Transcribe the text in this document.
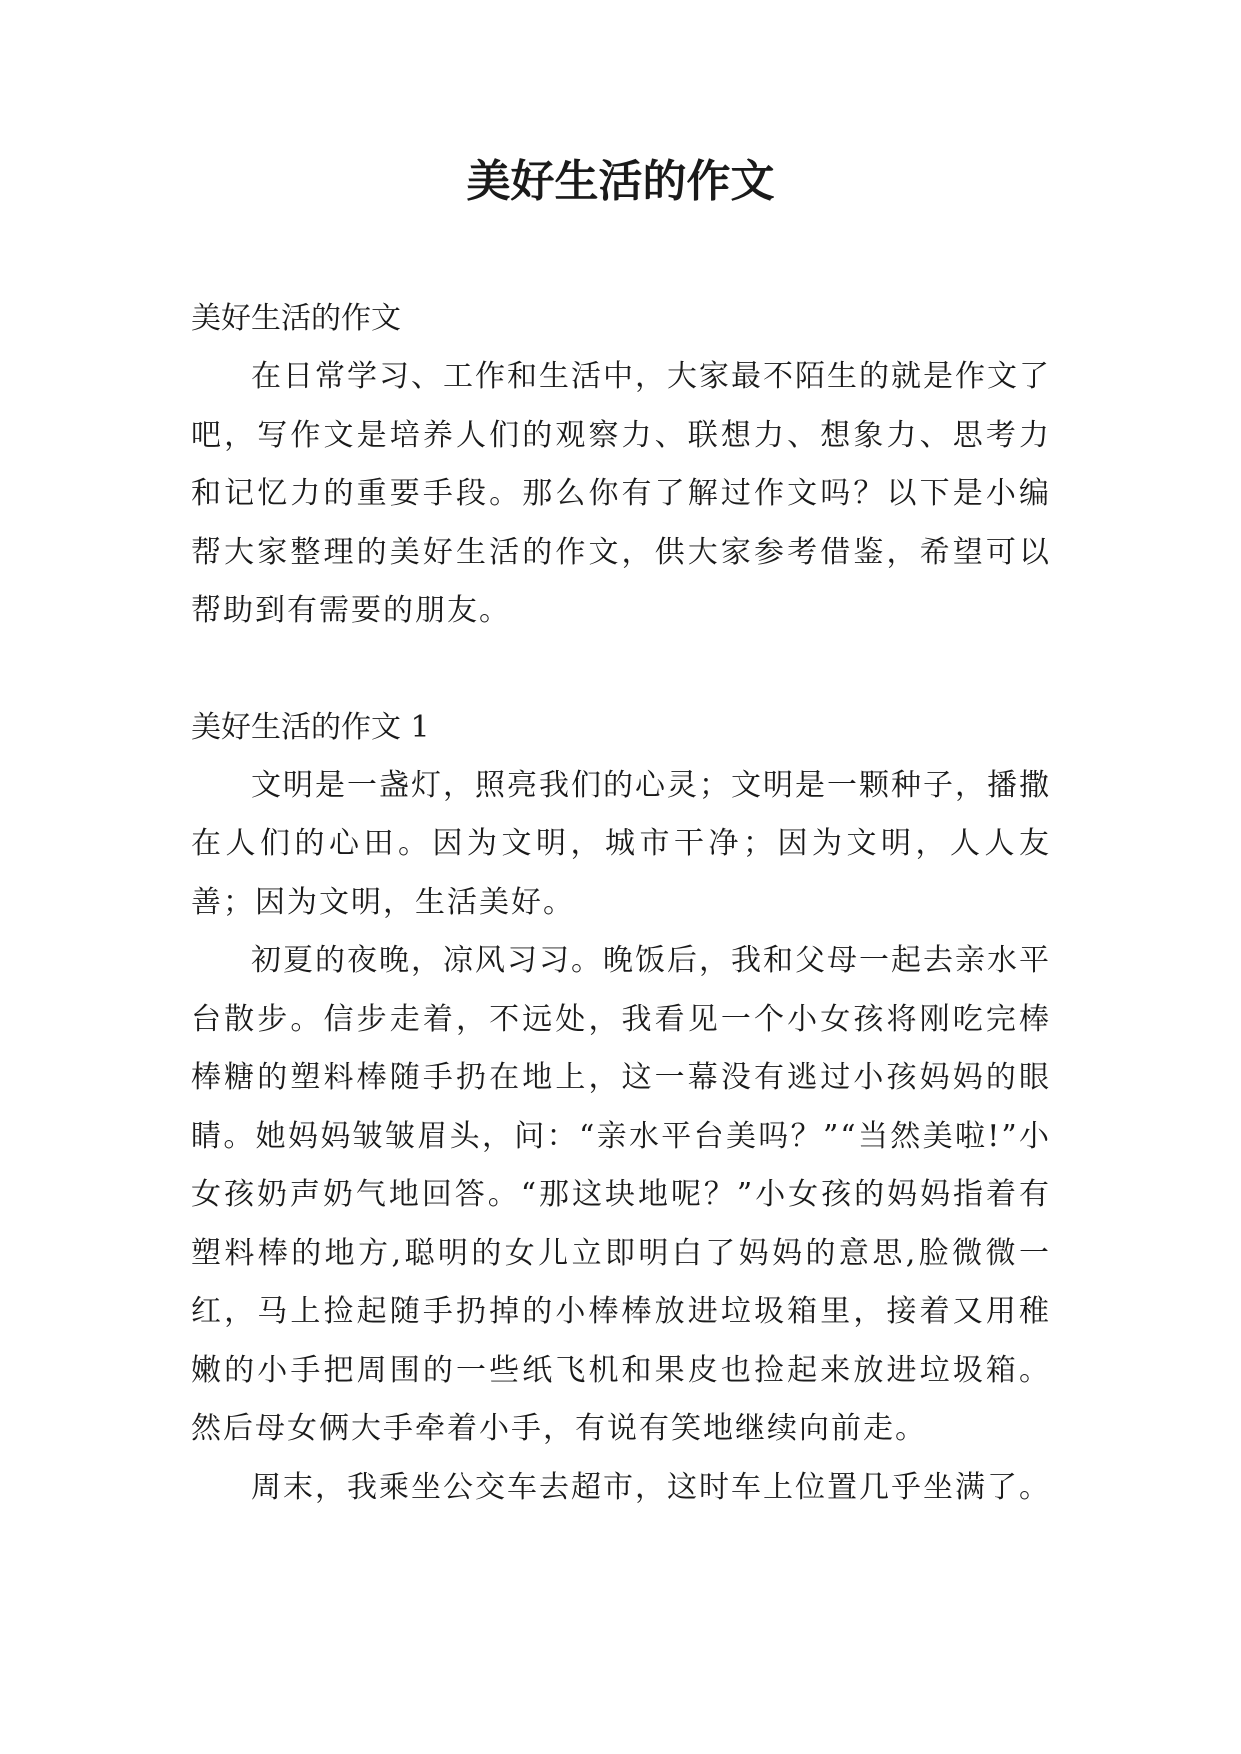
美好生活的作文

美好生活的作文

在日常学习、工作和生活中，大家最不陌生的就是作文了吧，写作文是培养人们的观察力、联想力、想象力、思考力和记忆力的重要手段。那么你有了解过作文吗？以下是小编帮大家整理的美好生活的作文，供大家参考借鉴，希望可以帮助到有需要的朋友。

美好生活的作文 1

文明是一盏灯，照亮我们的心灵；文明是一颗种子，播撒在人们的心田。因为文明，城市干净；因为文明，人人友善；因为文明，生活美好。

初夏的夜晚，凉风习习。晚饭后，我和父母一起去亲水平台散步。信步走着，不远处，我看见一个小女孩将刚吃完棒棒糖的塑料棒随手扔在地上，这一幕没有逃过小孩妈妈的眼睛。她妈妈皱皱眉头，问：“亲水平台美吗？”“当然美啦!”小女孩奶声奶气地回答。“那这块地呢？”小女孩的妈妈指着有塑料棒的地方,聪明的女儿立即明白了妈妈的意思,脸微微一红，马上捡起随手扔掉的小棒棒放进垃圾箱里，接着又用稚嫩的小手把周围的一些纸飞机和果皮也捡起来放进垃圾箱。然后母女俩大手牵着小手，有说有笑地继续向前走。

周末，我乘坐公交车去超市，这时车上位置几乎坐满了。
